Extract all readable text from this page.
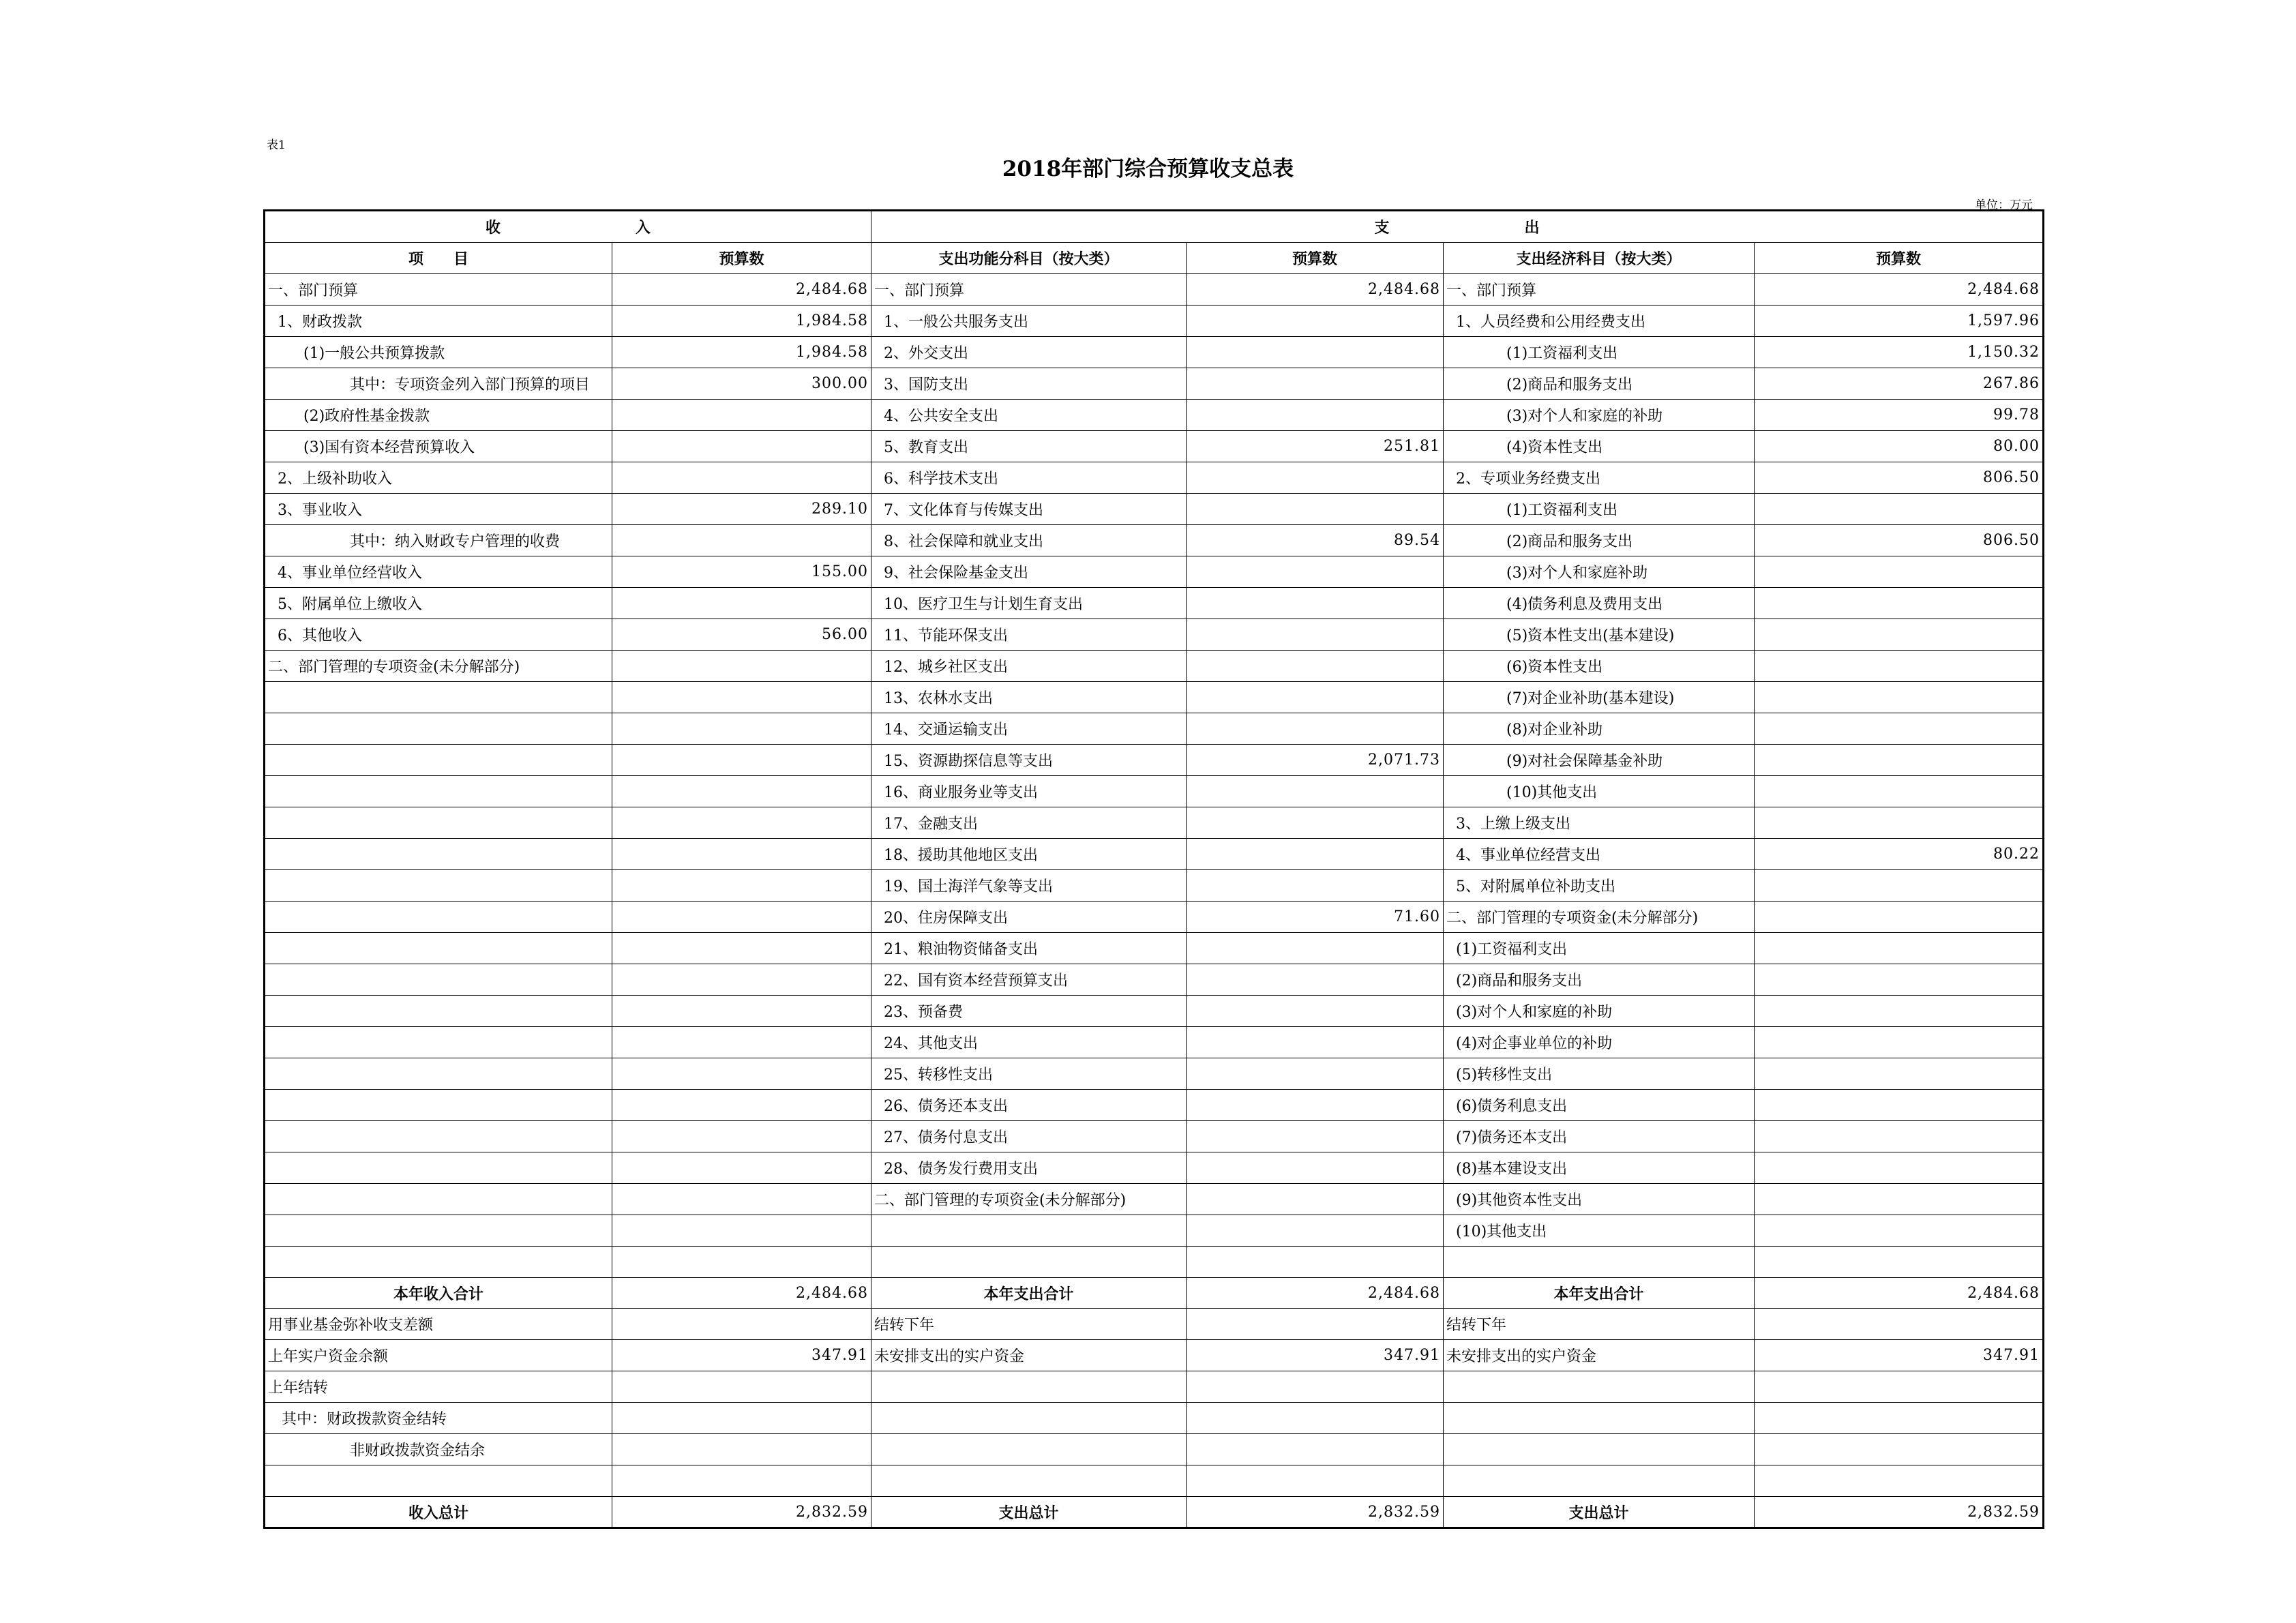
表1
2018年部门综合预算收支总表
单位：万元
收　　　　　　　　　入		支　　　　　　　　　出			
项　　目	预算数	支出功能分科目（按大类）	预算数	支出经济科目（按大类）	预算数
一、部门预算	2,484.68	一、部门预算	2,484.68	一、部门预算	2,484.68
1、财政拨款	1,984.58	1、一般公共服务支出		1、人员经费和公用经费支出	1,597.96
(1)一般公共预算拨款	1,984.58	2、外交支出		(1)工资福利支出	1,150.32
其中：专项资金列入部门预算的项目	300.00	3、国防支出		(2)商品和服务支出	267.86
(2)政府性基金拨款		4、公共安全支出		(3)对个人和家庭的补助	99.78
(3)国有资本经营预算收入		5、教育支出	251.81	(4)资本性支出	80.00
2、上级补助收入		6、科学技术支出		2、专项业务经费支出	806.50
3、事业收入	289.10	7、文化体育与传媒支出		(1)工资福利支出	
其中：纳入财政专户管理的收费		8、社会保障和就业支出	89.54	(2)商品和服务支出	806.50
4、事业单位经营收入	155.00	9、社会保险基金支出		(3)对个人和家庭补助	
5、附属单位上缴收入		10、医疗卫生与计划生育支出		(4)债务利息及费用支出	
6、其他收入	56.00	11、节能环保支出		(5)资本性支出(基本建设)	
二、部门管理的专项资金(未分解部分)		12、城乡社区支出		(6)资本性支出	
		13、农林水支出		(7)对企业补助(基本建设)	
		14、交通运输支出		(8)对企业补助	
		15、资源勘探信息等支出	2,071.73	(9)对社会保障基金补助	
		16、商业服务业等支出		(10)其他支出	
		17、金融支出		3、上缴上级支出	
		18、援助其他地区支出		4、事业单位经营支出	80.22
		19、国土海洋气象等支出		5、对附属单位补助支出	
		20、住房保障支出	71.60	二、部门管理的专项资金(未分解部分)	
		21、粮油物资储备支出		(1)工资福利支出	
		22、国有资本经营预算支出		(2)商品和服务支出	
		23、预备费		(3)对个人和家庭的补助	
		24、其他支出		(4)对企事业单位的补助	
		25、转移性支出		(5)转移性支出	
		26、债务还本支出		(6)债务利息支出	
		27、债务付息支出		(7)债务还本支出	
		28、债务发行费用支出		(8)基本建设支出	
		二、部门管理的专项资金(未分解部分)		(9)其他资本性支出	
				(10)其他支出	

本年收入合计	2,484.68	本年支出合计	2,484.68	本年支出合计	2,484.68
用事业基金弥补收支差额		结转下年		结转下年	
上年实户资金余额	347.91	未安排支出的实户资金	347.91	未安排支出的实户资金	347.91
上年结转					
其中：财政拨款资金结转					
非财政拨款资金结余					

收入总计	2,832.59	支出总计	2,832.59	支出总计	2,832.59
